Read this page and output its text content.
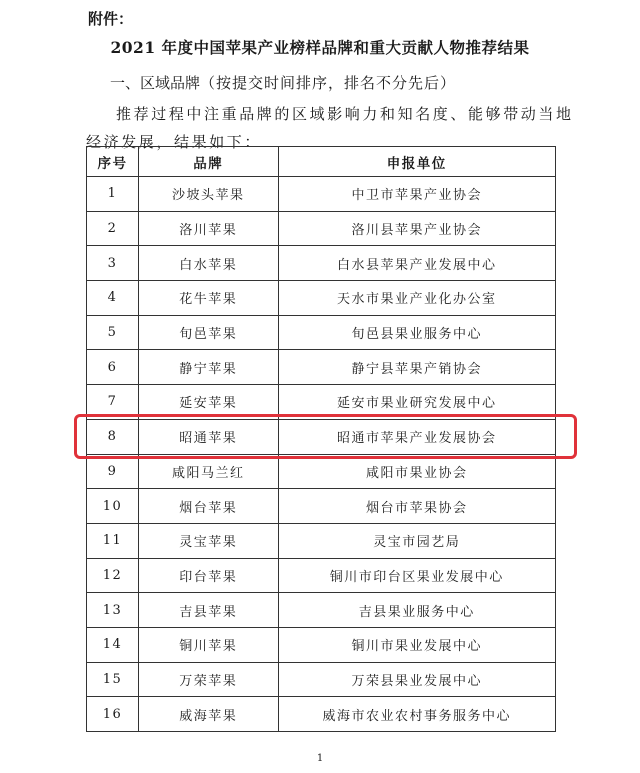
附件：
2021 年度中国苹果产业榜样品牌和重大贡献人物推荐结果
一、区域品牌（按提交时间排序，排名不分先后）
推荐过程中注重品牌的区域影响力和知名度、能够带动当地经济发展，结果如下：
序号	品牌	申报单位
1	沙坡头苹果	中卫市苹果产业协会
2	洛川苹果	洛川县苹果产业协会
3	白水苹果	白水县苹果产业发展中心
4	花牛苹果	天水市果业产业化办公室
5	旬邑苹果	旬邑县果业服务中心
6	静宁苹果	静宁县苹果产销协会
7	延安苹果	延安市果业研究发展中心
8	昭通苹果	昭通市苹果产业发展协会
9	咸阳马兰红	咸阳市果业协会
10	烟台苹果	烟台市苹果协会
11	灵宝苹果	灵宝市园艺局
12	印台苹果	铜川市印台区果业发展中心
13	吉县苹果	吉县果业服务中心
14	铜川苹果	铜川市果业发展中心
15	万荣苹果	万荣县果业发展中心
16	威海苹果	威海市农业农村事务服务中心
1
